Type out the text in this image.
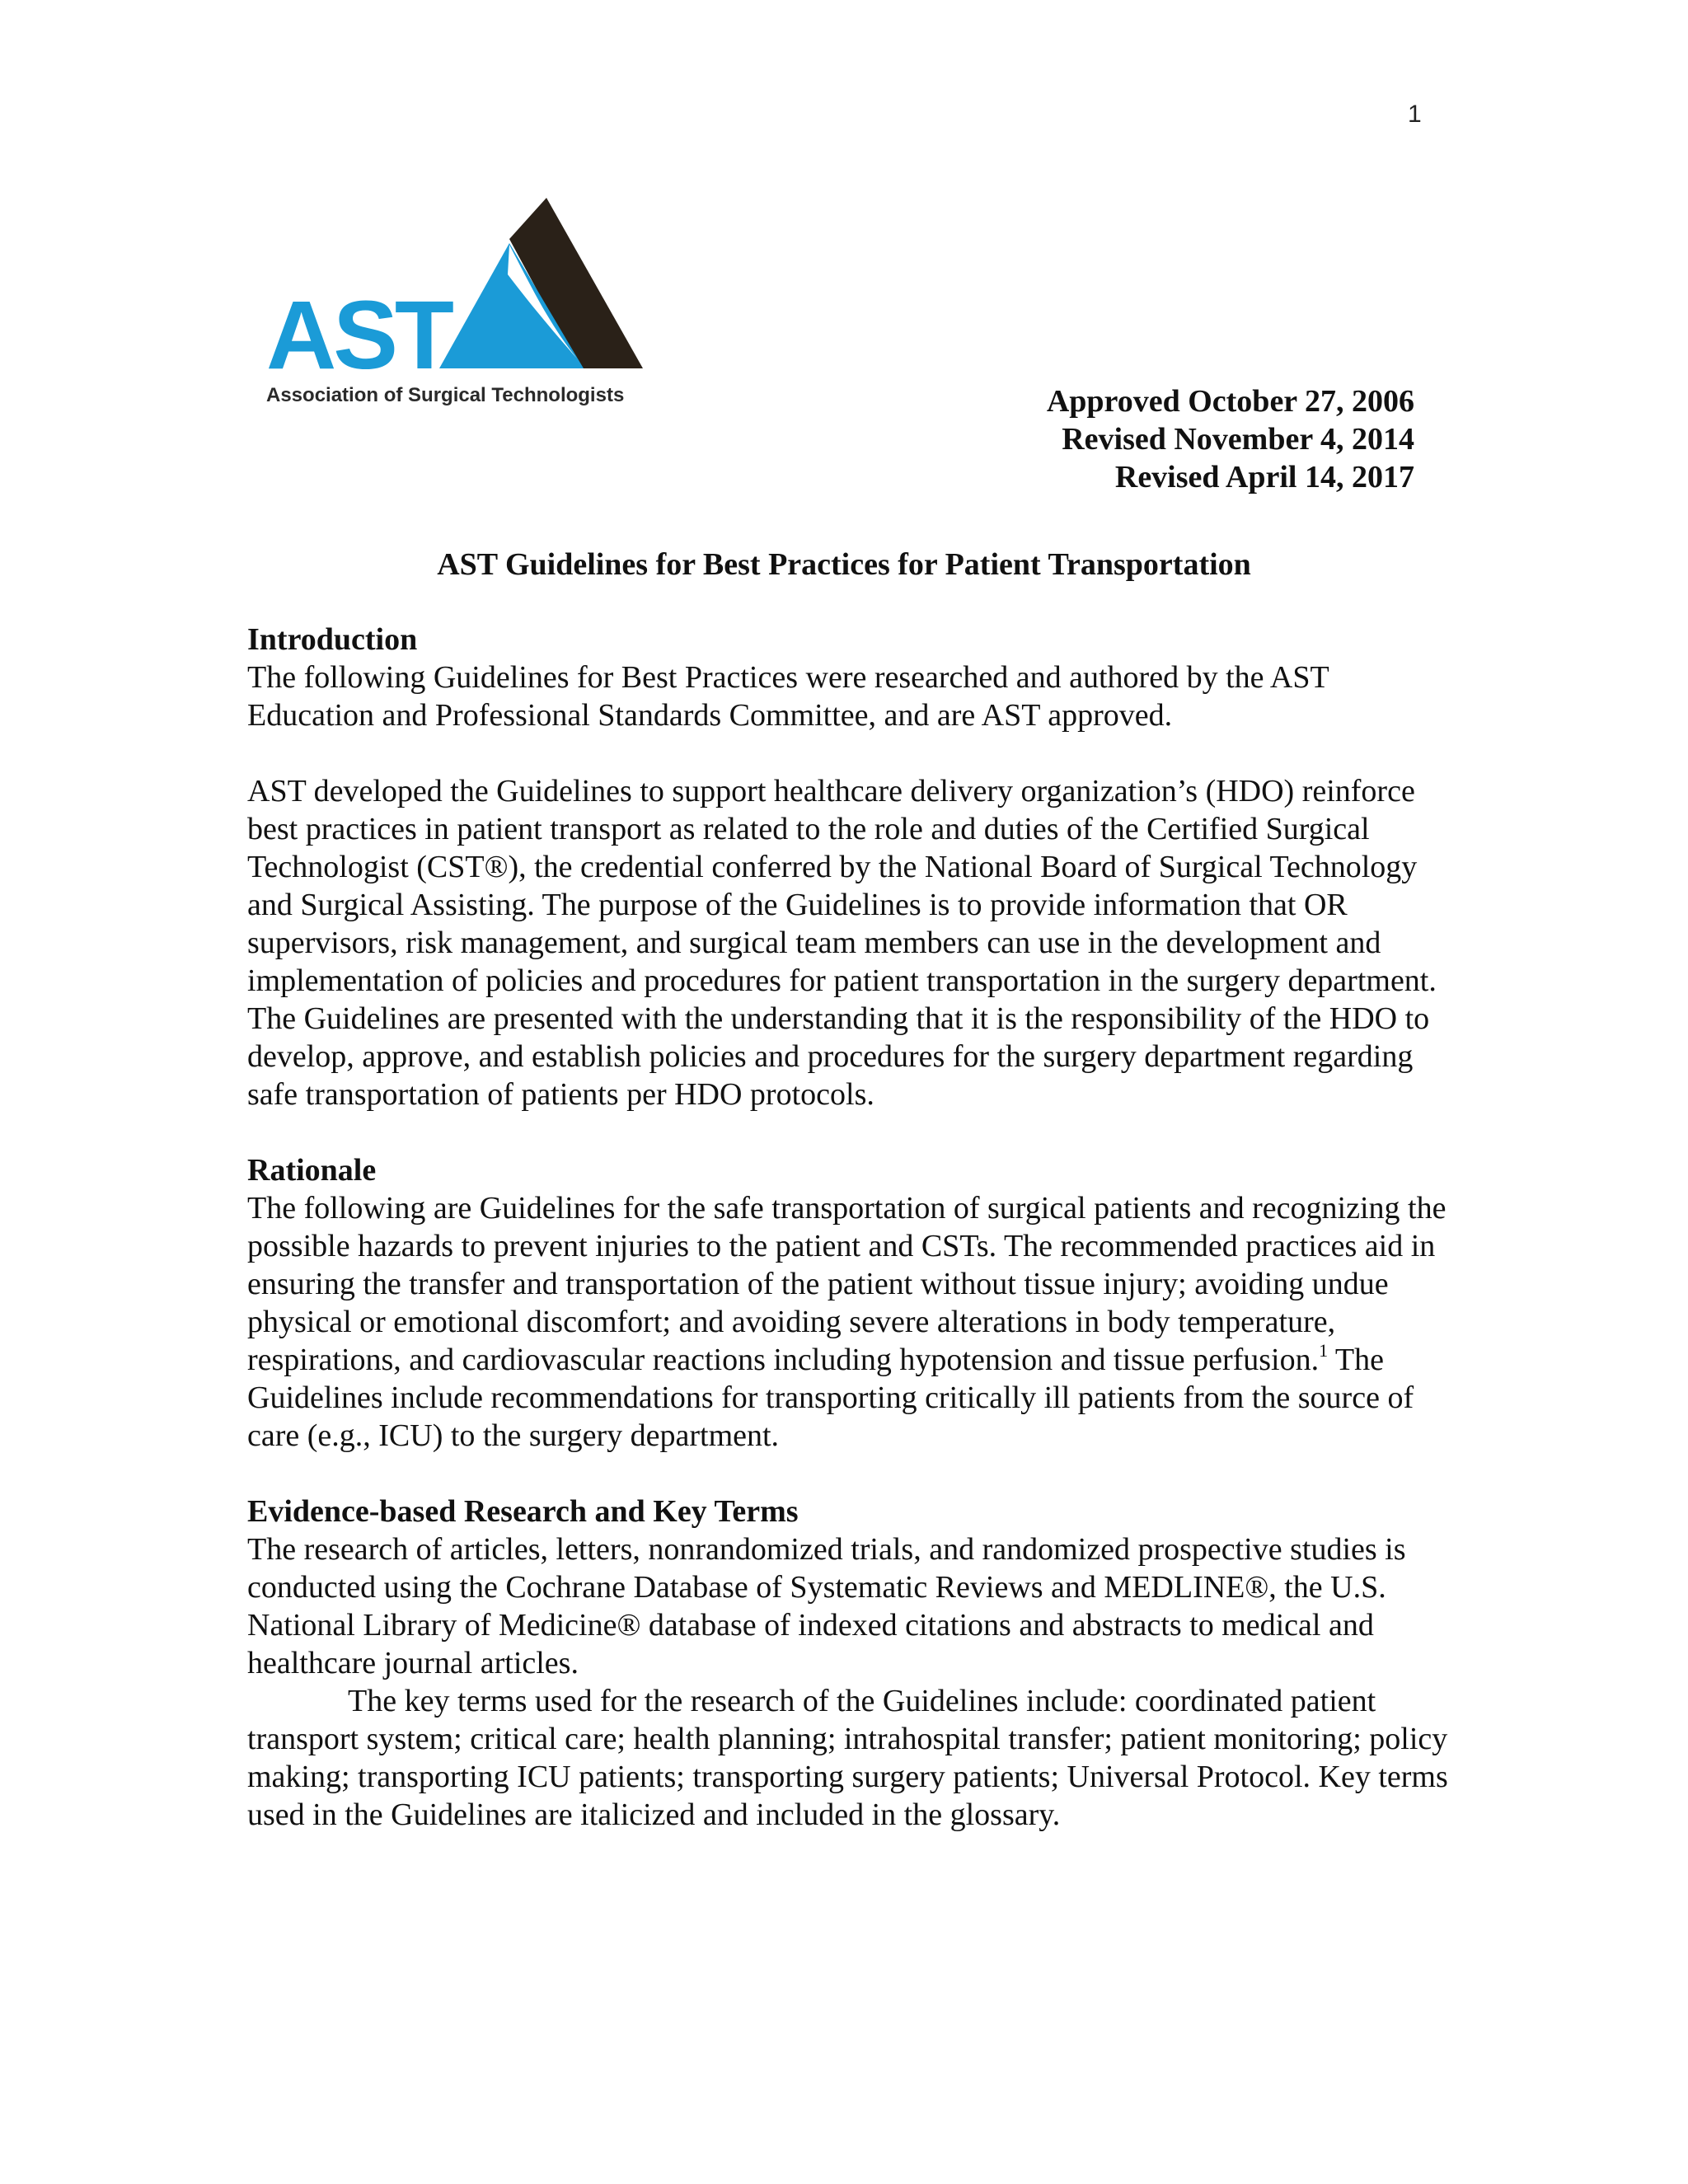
1
AST
Association of Surgical Technologists	Approved October 27, 2006
Revised November 4, 2014
Revised April 14, 2017
AST Guidelines for Best Practices for Patient Transportation

Introduction

The following Guidelines for Best Practices were researched and authored by the AST Education and Professional Standards Committee, and are AST approved.

AST developed the Guidelines to support healthcare delivery organization’s (HDO) reinforce best practices in patient transport as related to the role and duties of the Certified Surgical Technologist (CST®), the credential conferred by the National Board of Surgical Technology and Surgical Assisting. The purpose of the Guidelines is to provide information that OR supervisors, risk management, and surgical team members can use in the development and implementation of policies and procedures for patient transportation in the surgery department. The Guidelines are presented with the understanding that it is the responsibility of the HDO to develop, approve, and establish policies and procedures for the surgery department regarding safe transportation of patients per HDO protocols.

Rationale

The following are Guidelines for the safe transportation of surgical patients and recognizing the possible hazards to prevent injuries to the patient and CSTs. The recommended practices aid in ensuring the transfer and transportation of the patient without tissue injury; avoiding undue physical or emotional discomfort; and avoiding severe alterations in body temperature, respirations, and cardiovascular reactions including hypotension and tissue perfusion.$^1$ The Guidelines include recommendations for transporting critically ill patients from the source of care (e.g., ICU) to the surgery department.

Evidence-based Research and Key Terms

The research of articles, letters, nonrandomized trials, and randomized prospective studies is conducted using the Cochrane Database of Systematic Reviews and MEDLINE®, the U.S. National Library of Medicine® database of indexed citations and abstracts to medical and healthcare journal articles.

The key terms used for the research of the Guidelines include: coordinated patient transport system; critical care; health planning; intrahospital transfer; patient monitoring; policy making; transporting ICU patients; transporting surgery patients; Universal Protocol. Key terms used in the Guidelines are italicized and included in the glossary.
